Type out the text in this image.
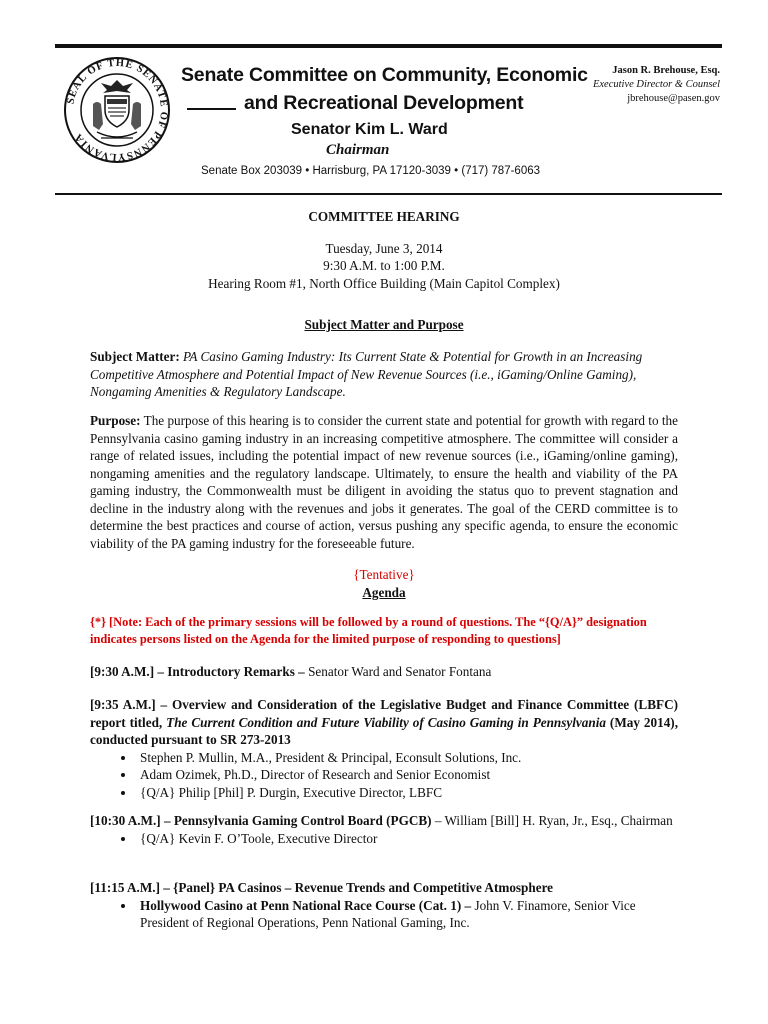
SEAL OF THE SENATE OF PENNSYLVANIA
Senate Committee on Community, Economic
and Recreational Development
Senator Kim L. Ward
Chairman
Senate Box 203039 • Harrisburg, PA 17120-3039 • (717) 787-6063
Jason R. Brehouse, Esq.
Executive Director & Counsel
jbrehouse@pasen.gov
COMMITTEE HEARING
Tuesday, June 3, 2014
9:30 A.M. to 1:00 P.M.
Hearing Room #1, North Office Building (Main Capitol Complex)
Subject Matter and Purpose
Subject Matter: PA Casino Gaming Industry: Its Current State & Potential for Growth in an Increasing Competitive Atmosphere and Potential Impact of New Revenue Sources (i.e., iGaming/Online Gaming), Nongaming Amenities & Regulatory Landscape.
Purpose: The purpose of this hearing is to consider the current state and potential for growth with regard to the Pennsylvania casino gaming industry in an increasing competitive atmosphere. The committee will consider a range of related issues, including the potential impact of new revenue sources (i.e., iGaming/online gaming), nongaming amenities and the regulatory landscape. Ultimately, to ensure the health and viability of the PA gaming industry, the Commonwealth must be diligent in avoiding the status quo to prevent stagnation and decline in the industry along with the revenues and jobs it generates. The goal of the CERD committee is to determine the best practices and course of action, versus pushing any specific agenda, to ensure the economic viability of the PA gaming industry for the foreseeable future.
{Tentative}
Agenda
{*} [Note: Each of the primary sessions will be followed by a round of questions. The “{Q/A}” designation indicates persons listed on the Agenda for the limited purpose of responding to questions]
[9:30 A.M.] – Introductory Remarks – Senator Ward and Senator Fontana
[9:35 A.M.] – Overview and Consideration of the Legislative Budget and Finance Committee (LBFC) report titled, The Current Condition and Future Viability of Casino Gaming in Pennsylvania (May 2014), conducted pursuant to SR 273-2013
• Stephen P. Mullin, M.A., President & Principal, Econsult Solutions, Inc.
• Adam Ozimek, Ph.D., Director of Research and Senior Economist
• {Q/A} Philip [Phil] P. Durgin, Executive Director, LBFC
[10:30 A.M.] – Pennsylvania Gaming Control Board (PGCB) – William [Bill] H. Ryan, Jr., Esq., Chairman
• {Q/A} Kevin F. O’Toole, Executive Director
[11:15 A.M.] – {Panel} PA Casinos – Revenue Trends and Competitive Atmosphere
• Hollywood Casino at Penn National Race Course (Cat. 1) – John V. Finamore, Senior Vice President of Regional Operations, Penn National Gaming, Inc.
